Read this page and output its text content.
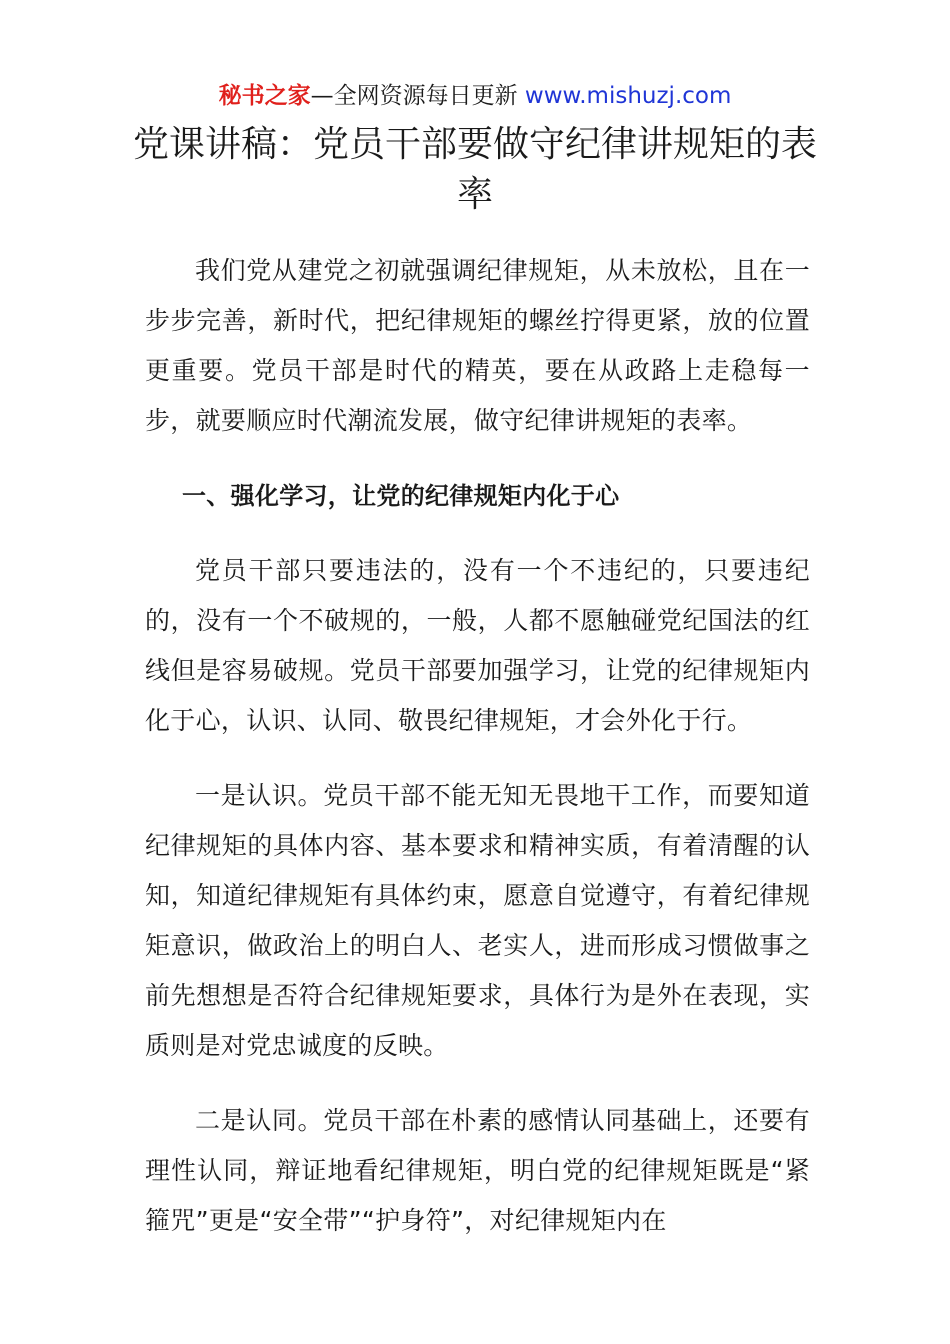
秘书之家—全网资源每日更新 www.mishuzj.com
党课讲稿：党员干部要做守纪律讲规矩的表率

我们党从建党之初就强调纪律规矩，从未放松，且在一步步完善，新时代，把纪律规矩的螺丝拧得更紧，放的位置更重要。党员干部是时代的精英，要在从政路上走稳每一步，就要顺应时代潮流发展，做守纪律讲规矩的表率。

一、强化学习，让党的纪律规矩内化于心

党员干部只要违法的，没有一个不违纪的，只要违纪的，没有一个不破规的，一般，人都不愿触碰党纪国法的红线但是容易破规。党员干部要加强学习，让党的纪律规矩内化于心，认识、认同、敬畏纪律规矩，才会外化于行。

一是认识。党员干部不能无知无畏地干工作，而要知道纪律规矩的具体内容、基本要求和精神实质，有着清醒的认知，知道纪律规矩有具体约束，愿意自觉遵守，有着纪律规矩意识，做政治上的明白人、老实人，进而形成习惯做事之前先想想是否符合纪律规矩要求，具体行为是外在表现，实质则是对党忠诚度的反映。

二是认同。党员干部在朴素的感情认同基础上，还要有理性认同，辩证地看纪律规矩，明白党的纪律规矩既是“紧箍咒”更是“安全带”“护身符”，对纪律规矩内在
